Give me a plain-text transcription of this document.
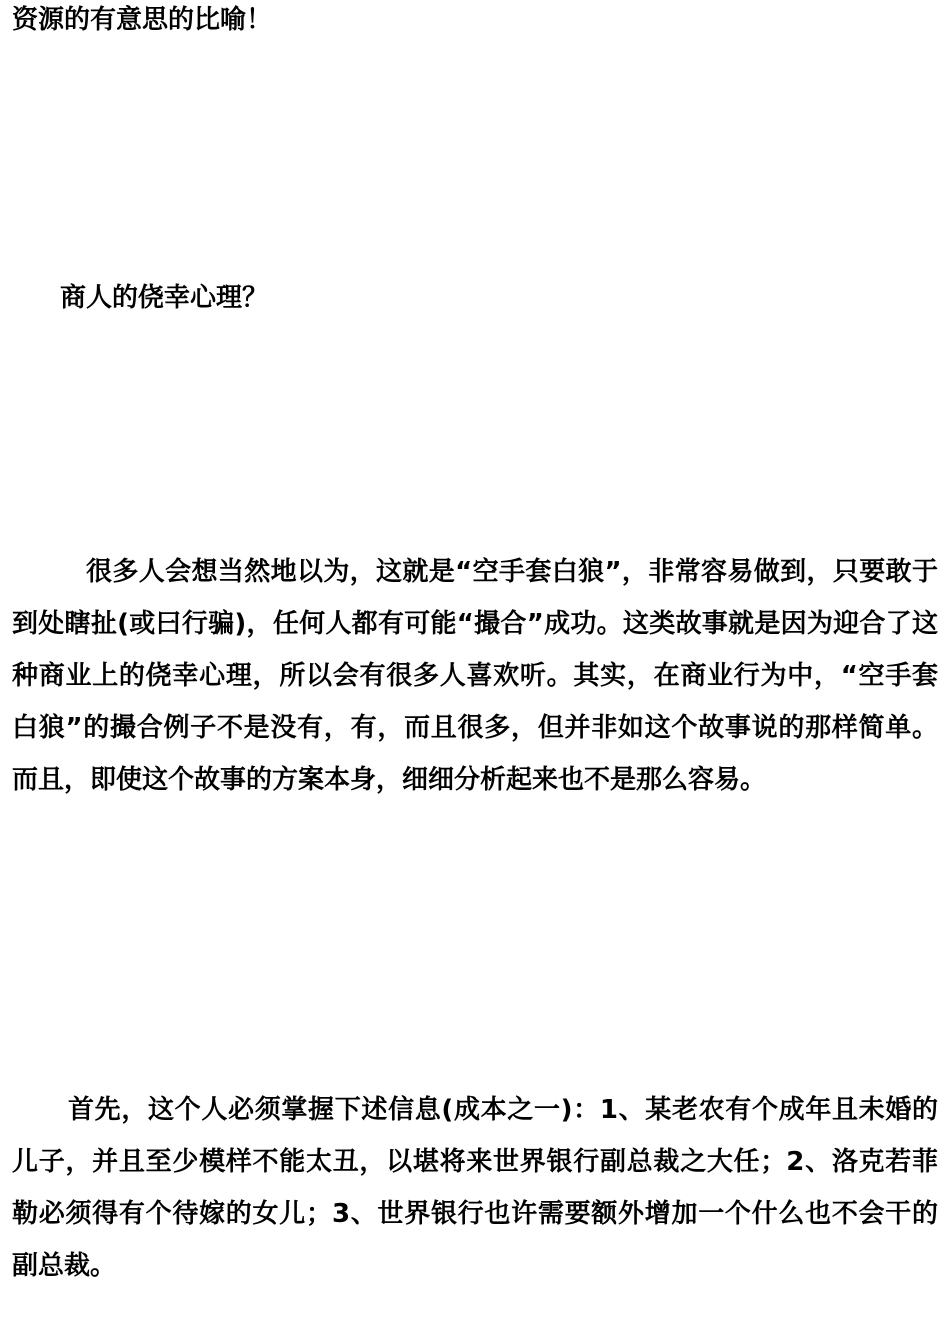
资源的有意思的比喻！
商人的侥幸心理？

很多人会想当然地以为，这就是“空手套白狼”，非常容易做到，只要敢于到处瞎扯(或曰行骗)，任何人都有可能“撮合”成功。这类故事就是因为迎合了这种商业上的侥幸心理，所以会有很多人喜欢听。其实，在商业行为中，“空手套白狼”的撮合例子不是没有，有，而且很多，但并非如这个故事说的那样简单。而且，即使这个故事的方案本身，细细分析起来也不是那么容易。

首先，这个人必须掌握下述信息(成本之一)：1、某老农有个成年且未婚的儿子，并且至少模样不能太丑，以堪将来世界银行副总裁之大任；2、洛克若菲勒必须得有个待嫁的女儿；3、世界银行也许需要额外增加一个什么也不会干的副总裁。
